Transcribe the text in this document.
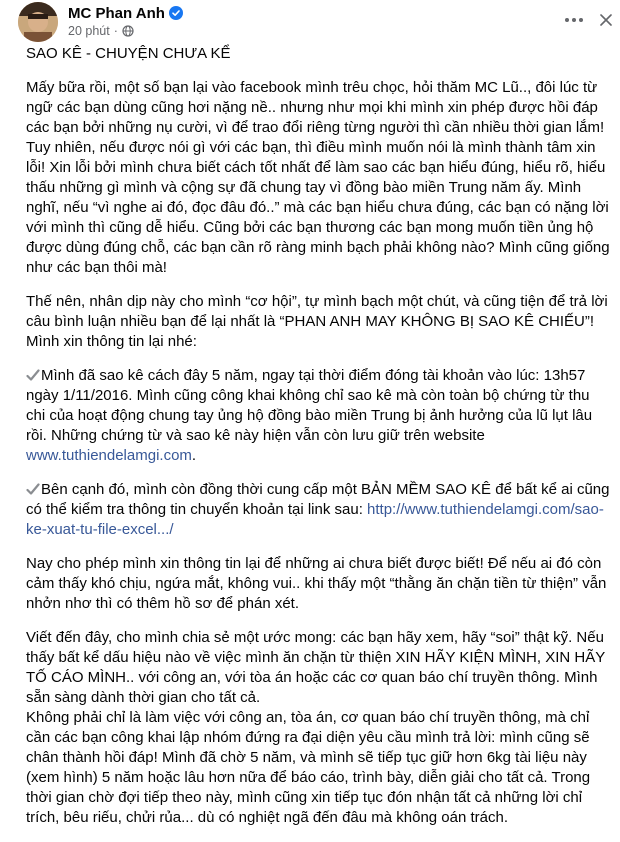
MC Phan Anh
20 phút ·

SAO KÊ - CHUYỆN CHƯA KỂ

Mấy bữa rồi, một số bạn lại vào facebook mình trêu chọc, hỏi thăm MC Lũ.., đôi lúc từ ngữ các bạn dùng cũng hơi nặng nề.. nhưng như mọi khi mình xin phép được hồi đáp các bạn bởi những nụ cười, vì để trao đổi riêng từng người thì cần nhiều thời gian lắm! Tuy nhiên, nếu được nói gì với các bạn, thì điều mình muốn nói là mình thành tâm xin lỗi! Xin lỗi bởi mình chưa biết cách tốt nhất để làm sao các bạn hiểu đúng, hiểu rõ, hiểu thấu những gì mình và cộng sự đã chung tay vì đồng bào miền Trung năm ấy. Mình nghĩ, nếu “vì nghe ai đó, đọc đâu đó..” mà các bạn hiểu chưa đúng, các bạn có nặng lời với mình thì cũng dễ hiểu. Cũng bởi các bạn thương các bạn mong muốn tiền ủng hộ được dùng đúng chỗ, các bạn cần rõ ràng minh bạch phải không nào? Mình cũng giống như các bạn thôi mà!

Thế nên, nhân dịp này cho mình “cơ hội”, tự mình bạch một chút, và cũng tiện để trả lời câu bình luận nhiều bạn để lại nhất là “PHAN ANH MAY KHÔNG BỊ SAO KÊ CHIẾU”! Mình xin thông tin lại nhé:

Mình đã sao kê cách đây 5 năm, ngay tại thời điểm đóng tài khoản vào lúc: 13h57 ngày 1/11/2016. Mình cũng công khai không chỉ sao kê mà còn toàn bộ chứng từ thu chi của hoạt động chung tay ủng hộ đồng bào miền Trung bị ảnh hưởng của lũ lụt lâu rồi. Những chứng từ và sao kê này hiện vẫn còn lưu giữ trên website www.tuthiendelamgi.com.

Bên cạnh đó, mình còn đồng thời cung cấp một BẢN MỀM SAO KÊ để bất kể ai cũng có thể kiểm tra thông tin chuyển khoản tại link sau: http://www.tuthiendelamgi.com/sao-ke-xuat-tu-file-excel.../

Nay cho phép mình xin thông tin lại để những ai chưa biết được biết! Để nếu ai đó còn cảm thấy khó chịu, ngứa mắt, không vui.. khi thấy một “thằng ăn chặn tiền từ thiện” vẫn nhởn nhơ thì có thêm hồ sơ để phán xét.

Viết đến đây, cho mình chia sẻ một ước mong: các bạn hãy xem, hãy “soi” thật kỹ. Nếu thấy bất kể dấu hiệu nào về việc mình ăn chặn từ thiện XIN HÃY KIỆN MÌNH, XIN HÃY TỐ CÁO MÌNH.. với công an, với tòa án hoặc các cơ quan báo chí truyền thông. Mình sẵn sàng dành thời gian cho tất cả.

Không phải chỉ là làm việc với công an, tòa án, cơ quan báo chí truyền thông, mà chỉ cần các bạn công khai lập nhóm đứng ra đại diện yêu cầu mình trả lời: mình cũng sẽ chân thành hồi đáp! Mình đã chờ 5 năm, và mình sẽ tiếp tục giữ hơn 6kg tài liệu này (xem hình) 5 năm hoặc lâu hơn nữa để báo cáo, trình bày, diễn giải cho tất cả. Trong thời gian chờ đợi tiếp theo này, mình cũng xin tiếp tục đón nhận tất cả những lời chỉ trích, bêu riếu, chửi rủa... dù có nghiệt ngã đến đâu mà không oán trách.
